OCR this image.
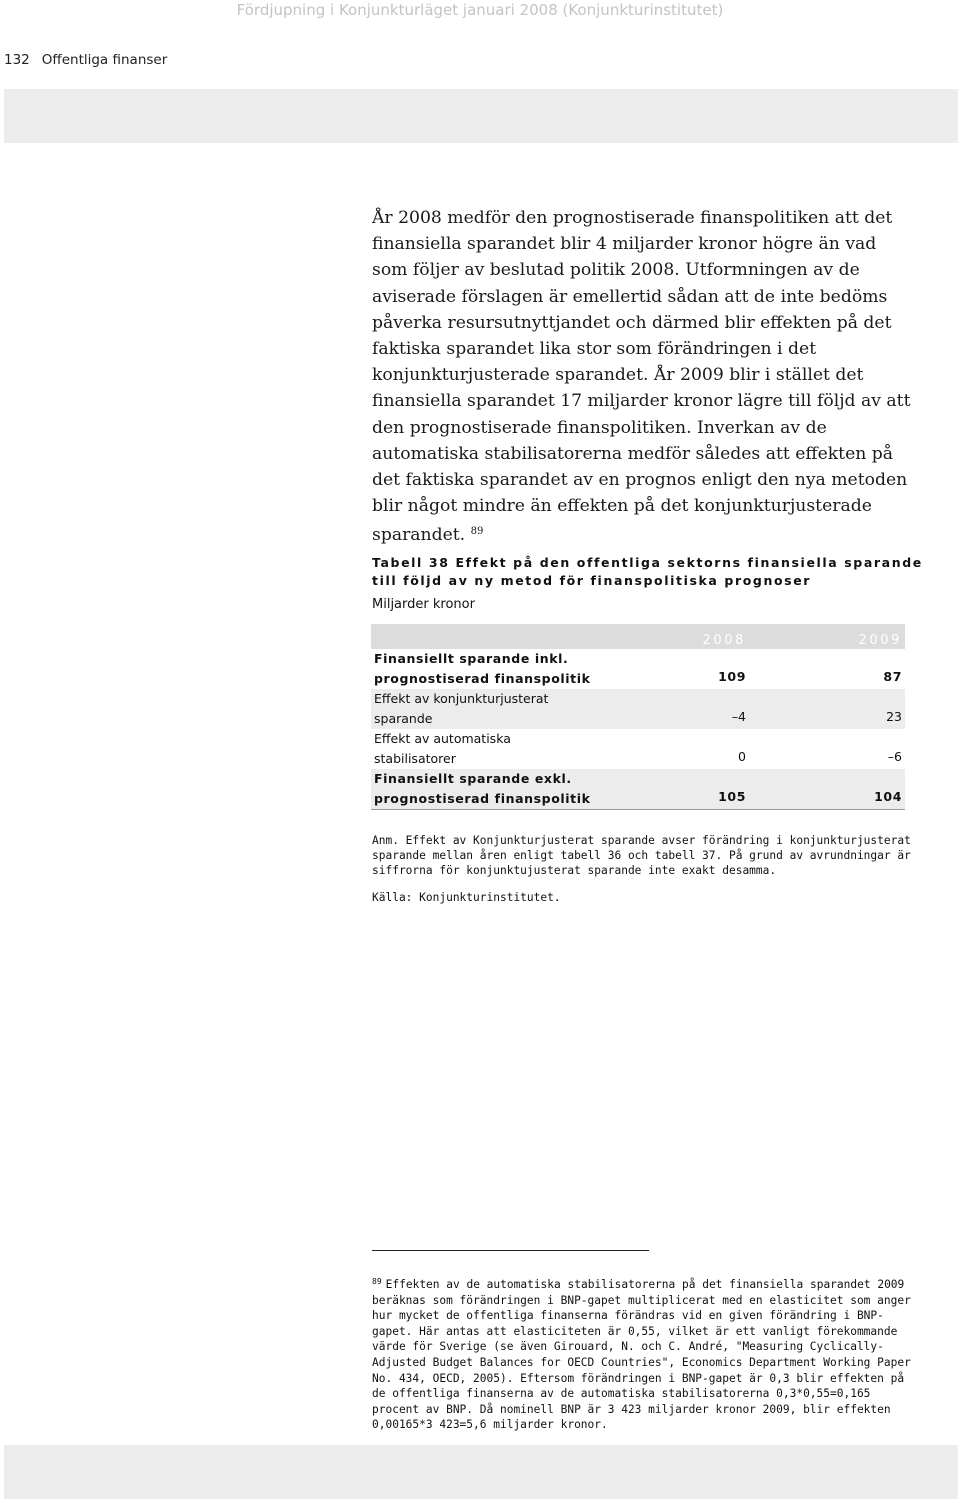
Fördjupning i Konjunkturläget januari 2008 (Konjunkturinstitutet)
132 Offentliga finanser

År 2008 medför den prognostiserade finanspolitiken att det finansiella sparandet blir 4 miljarder kronor högre än vad som följer av beslutad politik 2008. Utformningen av de aviserade förslagen är emellertid sådan att de inte bedöms påverka resursutnyttjandet och därmed blir effekten på det faktiska sparandet lika stor som förändringen i det konjunkturjusterade sparandet. År 2009 blir i stället det finansiella sparandet 17 miljarder kronor lägre till följd av att den prognostiserade finanspolitiken. Inverkan av de automatiska stabilisatorerna medför således att effekten på det faktiska sparandet av en prognos enligt den nya metoden blir något mindre än effekten på det konjunkturjusterade sparandet. $^{89}$

Tabell 38 Effekt på den offentliga sektorns finansiella sparande till följd av ny metod för finanspolitiska prognoser
Miljarder kronor
	2008	2009

Finansiellt sparande inkl.
prognostiserad finanspolitik	109	87

Effekt av konjunkturjusterat
sparande	–4	23

Effekt av automatiska
stabilisatorer	0	–6

Finansiellt sparande exkl.
prognostiserad finanspolitik	105	104
Anm. Effekt av Konjunkturjusterat sparande avser förändring i konjunkturjusterat sparande mellan åren enligt tabell 36 och tabell 37. På grund av avrundningar är siffrorna för konjunktujusterat sparande inte exakt desamma.
Källa: Konjunkturinstitutet.
$^{89}$ Effekten av de automatiska stabilisatorerna på det finansiella sparandet 2009 beräknas som förändringen i BNP-gapet multiplicerat med en elasticitet som anger hur mycket de offentliga finanserna förändras vid en given förändring i BNP-gapet. Här antas att elasticiteten är 0,55, vilket är ett vanligt förekommande värde för Sverige (se även Girouard, N. och C. André, "Measuring Cyclically-Adjusted Budget Balances for OECD Countries", Economics Department Working Paper No. 434, OECD, 2005). Eftersom förändringen i BNP-gapet är 0,3 blir effekten på de offentliga finanserna av de automatiska stabilisatorerna 0,3*0,55=0,165 procent av BNP. Då nominell BNP är 3 423 miljarder kronor 2009, blir effekten 0,00165*3 423=5,6 miljarder kronor.
